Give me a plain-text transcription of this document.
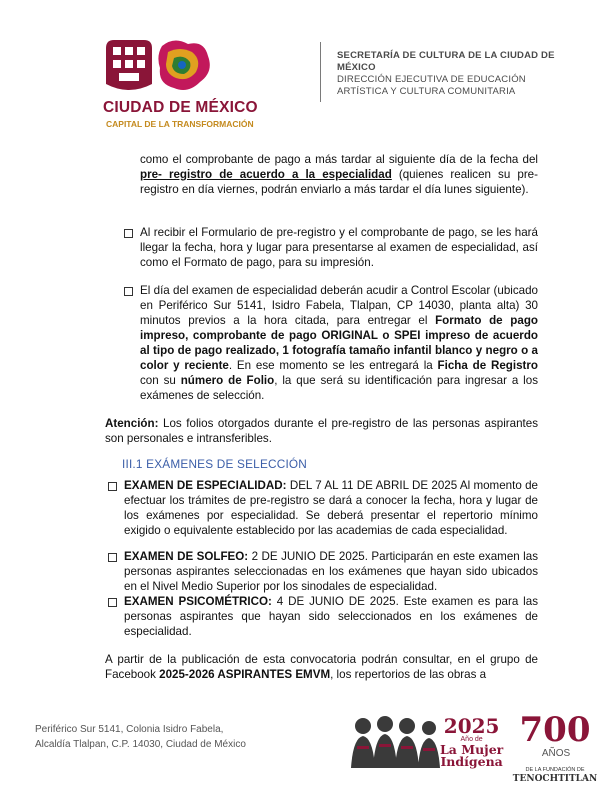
CIUDAD DE MÉXICO
CAPITAL DE LA TRANSFORMACIÓN
SECRETARÍA DE CULTURA DE LA CIUDAD DE MÉXICO
DIRECCIÓN EJECUTIVA DE EDUCACIÓN ARTÍSTICA Y CULTURA COMUNITARIA
como el comprobante de pago a más tardar al siguiente día de la fecha del pre- registro de acuerdo a la especialidad (quienes realicen su pre-registro en día viernes, podrán enviarlo a más tardar el día lunes siguiente).
Al recibir el Formulario de pre-registro y el comprobante de pago, se les hará llegar la fecha, hora y lugar para presentarse al examen de especialidad, así como el Formato de pago, para su impresión.
El día del examen de especialidad deberán acudir a Control Escolar (ubicado en Periférico Sur 5141, Isidro Fabela, Tlalpan, CP 14030, planta alta) 30 minutos previos a la hora citada, para entregar el Formato de pago impreso, comprobante de pago ORIGINAL o SPEI impreso de acuerdo al tipo de pago realizado, 1 fotografía tamaño infantil blanco y negro o a color y reciente. En ese momento se les entregará la Ficha de Registro con su número de Folio, la que será su identificación para ingresar a los exámenes de selección.
Atención: Los folios otorgados durante el pre-registro de las personas aspirantes son personales e intransferibles.
III.1 EXÁMENES DE SELECCIÓN
EXAMEN DE ESPECIALIDAD: DEL 7 AL 11 DE ABRIL DE 2025 Al momento de efectuar los trámites de pre-registro se dará a conocer la fecha, hora y lugar de los exámenes por especialidad. Se deberá presentar el repertorio mínimo exigido o equivalente establecido por las academias de cada especialidad.
EXAMEN DE SOLFEO: 2 DE JUNIO DE 2025. Participarán en este examen las personas aspirantes seleccionadas en los exámenes que hayan sido ubicados en el Nivel Medio Superior por los sinodales de especialidad.
EXAMEN PSICOMÉTRICO: 4 DE JUNIO DE 2025. Este examen es para las personas aspirantes que hayan sido seleccionados en los exámenes de especialidad.
A partir de la publicación de esta convocatoria podrán consultar, en el grupo de Facebook 2025-2026 ASPIRANTES EMVM, los repertorios de las obras a
Periférico Sur 5141, Colonia Isidro Fabela,
Alcaldía Tlalpan, C.P. 14030, Ciudad de México
2025
Año de
La Mujer
Indígena
700AÑOS
DE LA FUNDACIÓN DE
TENOCHTITLAN
